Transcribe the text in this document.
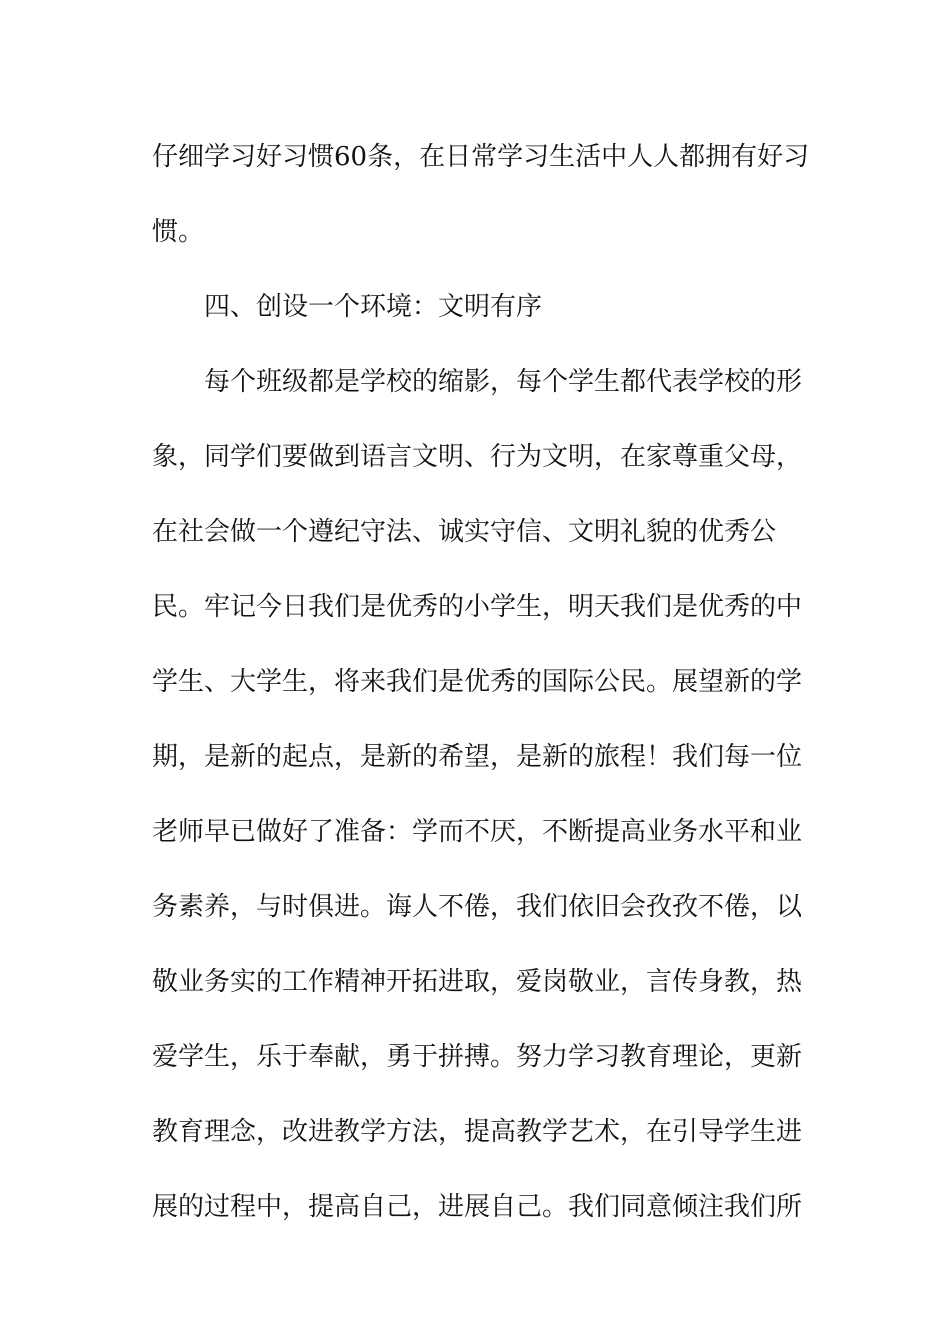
仔细学习好习惯60条，在日常学习生活中人人都拥有好习
惯。
四、创设一个环境：文明有序
每个班级都是学校的缩影，每个学生都代表学校的形
象，同学们要做到语言文明、行为文明，在家尊重父母，
在社会做一个遵纪守法、诚实守信、文明礼貌的优秀公
民。牢记今日我们是优秀的小学生，明天我们是优秀的中
学生、大学生，将来我们是优秀的国际公民。展望新的学
期，是新的起点，是新的希望，是新的旅程！我们每一位
老师早已做好了准备：学而不厌，不断提高业务水平和业
务素养，与时俱进。诲人不倦，我们依旧会孜孜不倦，以
敬业务实的工作精神开拓进取，爱岗敬业，言传身教，热
爱学生，乐于奉献，勇于拼搏。努力学习教育理论，更新
教育理念，改进教学方法，提高教学艺术，在引导学生进
展的过程中，提高自己，进展自己。我们同意倾注我们所
